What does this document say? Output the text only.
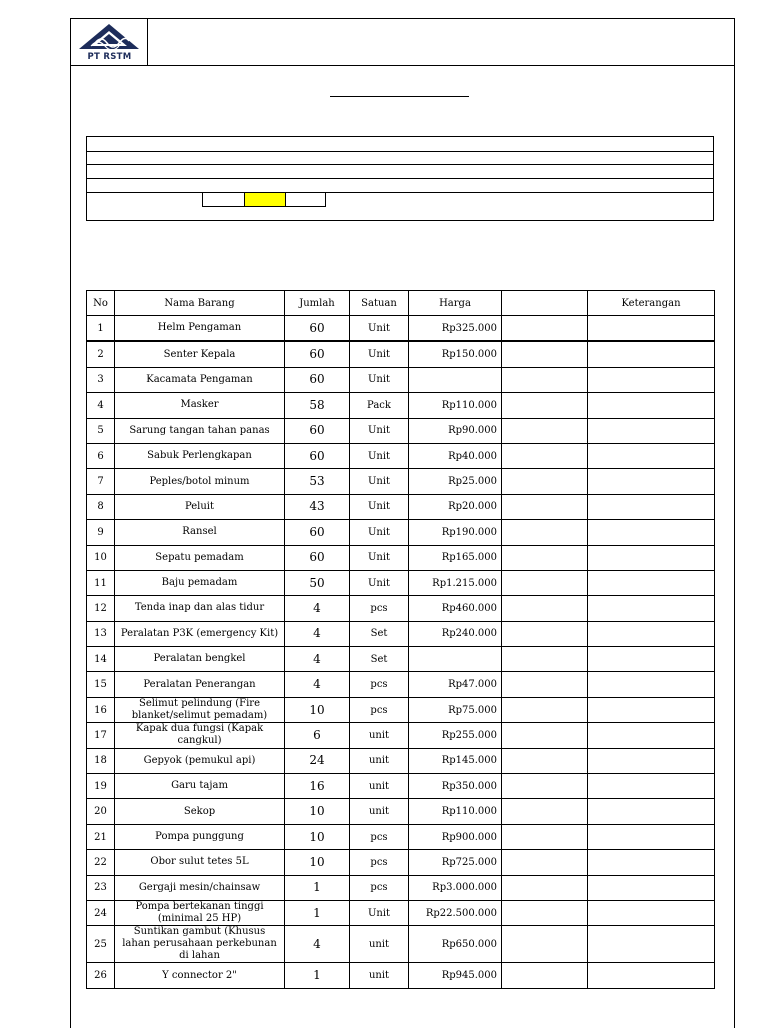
PT RSTM
No	Nama Barang	Jumlah	Satuan	Harga		Keterangan
1	Helm Pengaman	60	Unit	Rp325.000		
2	Senter Kepala	60	Unit	Rp150.000		
3	Kacamata Pengaman	60	Unit			
4	Masker	58	Pack	Rp110.000		
5	Sarung tangan tahan panas	60	Unit	Rp90.000		
6	Sabuk Perlengkapan	60	Unit	Rp40.000		
7	Peples/botol minum	53	Unit	Rp25.000		
8	Peluit	43	Unit	Rp20.000		
9	Ransel	60	Unit	Rp190.000		
10	Sepatu pemadam	60	Unit	Rp165.000		
11	Baju pemadam	50	Unit	Rp1.215.000		
12	Tenda inap dan alas tidur	4	pcs	Rp460.000		
13	Peralatan P3K (emergency Kit)	4	Set	Rp240.000		
14	Peralatan bengkel	4	Set			
15	Peralatan Penerangan	4	pcs	Rp47.000		
16	Selimut pelindung (Fire blanket/selimut pemadam)	10	pcs	Rp75.000		
17	Kapak dua fungsi (Kapak cangkul)	6	unit	Rp255.000		
18	Gepyok (pemukul api)	24	unit	Rp145.000		
19	Garu tajam	16	unit	Rp350.000		
20	Sekop	10	unit	Rp110.000		
21	Pompa punggung	10	pcs	Rp900.000		
22	Obor sulut tetes 5L	10	pcs	Rp725.000		
23	Gergaji mesin/chainsaw	1	pcs	Rp3.000.000		
24	Pompa bertekanan tinggi (minimal 25 HP)	1	Unit	Rp22.500.000		
25	Suntikan gambut (Khusus lahan perusahaan perkebunan di lahan	4	unit	Rp650.000		
26	Y connector 2"	1	unit	Rp945.000		
